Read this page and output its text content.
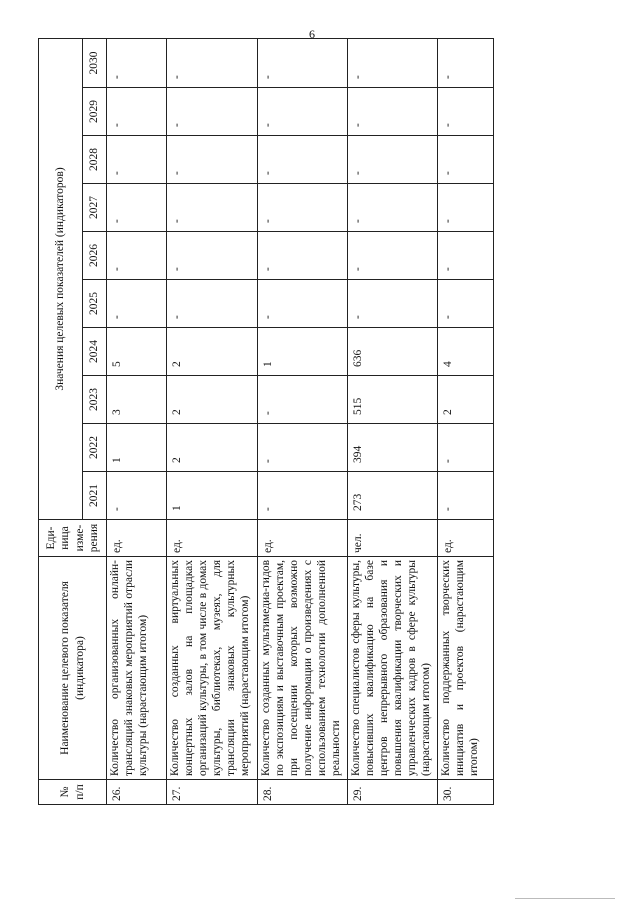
6
№ п/п	Наименование целевого показателя (индикатора)	Еди-ница изме-рения	Значения целевых показателей (индикаторов)									
			2021	2022	2023	2024	2025	2026	2027	2028	2029	2030
26.	Количество организованных онлайн-трансляций знаковых мероприятий отрасли культуры (нарастающим итогом)	ед.	-	1	3	5	-	-	-	-	-	-
27.	Количество созданных виртуальных концертных залов на площадках организаций культуры, в том числе в домах культуры, библиотеках, музеях, для трансляции знаковых культурных мероприятий (нарастающим итогом)	ед.	1	2	2	2	-	-	-	-	-	-
28.	Количество созданных мультимедиа-гидов по экспозициям и выставочным проектам, при посещении которых возможно получение информации о произведениях с использованием технологии дополненной реальности	ед.	-	-	-	1	-	-	-	-	-	-
29.	Количество специалистов сферы культуры, повысивших квалификацию на базе центров непрерывного образования и повышения квалификации творческих и управленческих кадров в сфере культуры (нарастающим итогом)	чел.	273	394	515	636	-	-	-	-	-	-
30.	Количество поддержанных творческих инициатив и проектов (нарастающим итогом)	ед.	-	-	2	4	-	-	-	-	-	-
